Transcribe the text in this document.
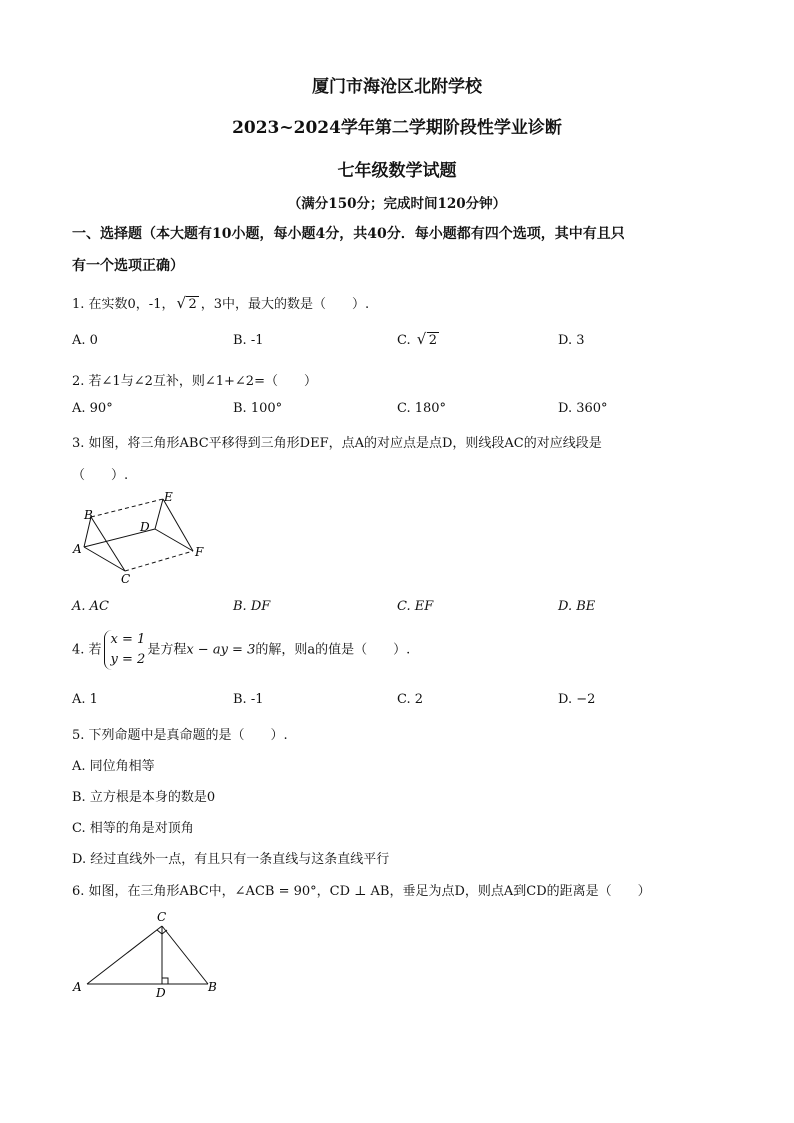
厦门市海沧区北附学校
2023~2024学年第二学期阶段性学业诊断
七年级数学试题
（满分150分；完成时间120分钟）
一、选择题（本大题有10小题，每小题4分，共40分．每小题都有四个选项，其中有且只
有一个选项正确）
1. 在实数0，-1， √ 2 ，3中，最大的数是（　　）.
A. 0	B. -1	C. √ 2	D. 3
2. 若∠1与∠2互补，则∠1+∠2=（　　）
A. 90°	B. 100°	C. 180°	D. 360°
3. 如图，将三角形ABC平移得到三角形DEF，点A的对应点是点D，则线段AC的对应线段是
（　　）.
B
E
D
A	F
C
A. AC	B. DF	C. EF	D. BE
4. 若
x = 1
y = 2
是方程x − ay = 3的解，则a的值是（　　）.
A. 1	B. -1	C. 2	D. −2
5. 下列命题中是真命题的是（　　）.
A. 同位角相等
B. 立方根是本身的数是0
C. 相等的角是对顶角
D. 经过直线外一点，有且只有一条直线与这条直线平行
6. 如图，在三角形ABC中，∠ACB = 90°，CD ⊥ AB，垂足为点D，则点A到CD的距离是（　　）
C
A	D	B
